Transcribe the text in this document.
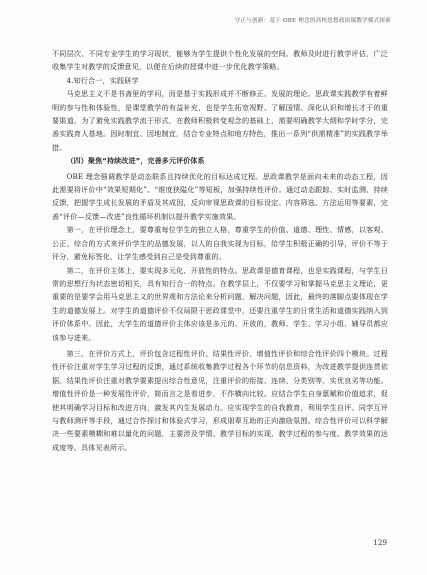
守正与创新：基于 OBE 理念的高校思想政治课教学模式探索

不同层次、不同专业学生的学习现状，能够为学生提供个性化发展的空间。教师及时进行教学评估，广泛收集学生对教学的反馈意见，以便在后续的授课中进一步优化教学策略。

4.知行合一，实践研学

马克思主义不是书斋里的学问，而是基于实践形成并不断修正、发展的理论。思政课实践教学有着鲜明的参与性和体验性，是课堂教学的有益补充，也是学生拓宽视野、了解国情、深化认识和增长才干的重要渠道。为了避免实践教学流于形式，在教师积极转变观念的基础上，需要明确教学大纲和学时学分，完善实践育人基地。因时制宜、因地制宜，结合专业特点和地方特色，推出一系列“供需精准”的实践教学举措。

（四）聚焦“持续改进”，完善多元评价体系

OBE 理念强调教学是动态联系且持续优化的目标达成过程。思政课教学是面向未来的动态工程，因此需要将评价中“效果短期化”、“维度狭隘化”等短板，加强持续性评价。通过动态跟踪、实时监测、持续反馈，把握学生成长发展的矛盾及其成因，反向审视思政课的目标设定、内容筛选、方法运用等要素，完善“评价—反馈—改进”良性循环机制以提升教学实施效果。

第一，在评价理念上，要尊重每位学生的独立人格，尊重学生的价值、道德、理性、情感，以客观、公正、综合的方式来评价学生的品德发展，以人的自我实现为目标，给学生积极正确的引导，评价不等于评分，避免标签化，让学生感受到自己是受到尊重的。

第二，在评价主体上，要实现多元化、开放性的特点。思政课是德育课程，也是实践课程，与学生日常的思想行为状态密切相关，具有知行合一的特点。在教学层上，不仅要学习和掌握马克思主义理论，更重要的是要学会用马克思主义的世界观和方法论来分析问题，解决问题，因此，最终的落脚点要体现在学生的道德发展上。对学生的道德评价不仅局限于思政课堂中，还要注重学生的日常生活和道德实践纳入到评价体系中。因此，大学生的道德评价主体应该是多元的、开放的，教师、学生、学习小组、辅导员都应该参与进来。

第三，在评价方式上，评价包含过程性评价、结果性评价、增值性评价和综合性评价四个模块。过程性评价注重对学生学习过程的反馈，通过系统收集教学过程各个环节的信息资料，为改进教学提供连贯依据。结果性评价注重对教学要素提出综合性意见，注重评价的衔接、连续、分类别等、实优良劣等功能。增值性评价是一种发展性评价，简而言之是看进步，不作横向比较。应结合学生自身禀赋和价值追求，促使其明确学习目标和改进方向，激发其内生发展动力。应实现学生的自我教育，利用学生自评、同学互评与教师测评等手段，通过合作探讨和体验式学习，形成朋辈互助的正向激励氛围。综合性评价可以科学解决一些要素模糊和难以量化的问题，主要涉及学情、教学目标的实现、教学过程的参与度、教学效果的达成度等。具体见表所示。

129
